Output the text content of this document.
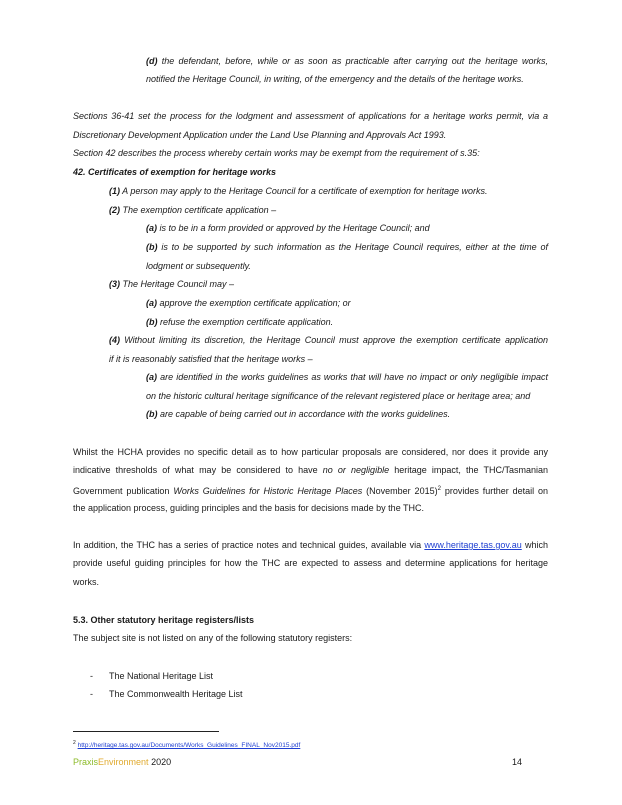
(d) the defendant, before, while or as soon as practicable after carrying out the heritage works,
notified the Heritage Council, in writing, of the emergency and the details of the heritage works.
Sections 36-41 set the process for the lodgment and assessment of applications for a heritage works permit, via a
Discretionary Development Application under the Land Use Planning and Approvals Act 1993.
Section 42 describes the process whereby certain works may be exempt from the requirement of s.35:
42. Certificates of exemption for heritage works
(1) A person may apply to the Heritage Council for a certificate of exemption for heritage works.
(2) The exemption certificate application –
(a) is to be in a form provided or approved by the Heritage Council; and
(b) is to be supported by such information as the Heritage Council requires, either at the time of
lodgment or subsequently.
(3) The Heritage Council may –
(a) approve the exemption certificate application; or
(b) refuse the exemption certificate application.
(4) Without limiting its discretion, the Heritage Council must approve the exemption certificate application
if it is reasonably satisfied that the heritage works –
(a) are identified in the works guidelines as works that will have no impact or only negligible impact
on the historic cultural heritage significance of the relevant registered place or heritage area; and
(b) are capable of being carried out in accordance with the works guidelines.
Whilst the HCHA provides no specific detail as to how particular proposals are considered, nor does it provide any
indicative thresholds of what may be considered to have no or negligible heritage impact, the THC/Tasmanian
Government publication Works Guidelines for Historic Heritage Places (November 2015)$^2$ provides further detail on
the application process, guiding principles and the basis for decisions made by the THC.
In addition, the THC has a series of practice notes and technical guides, available via www.heritage.tas.gov.au which
provide useful guiding principles for how the THC are expected to assess and determine applications for heritage
works.
5.3. Other statutory heritage registers/lists
The subject site is not listed on any of the following statutory registers:
- The National Heritage List
- The Commonwealth Heritage List
$^2$ http://heritage.tas.gov.au/Documents/Works_Guidelines_FINAL_Nov2015.pdf
PraxisEnvironment 2020	14
